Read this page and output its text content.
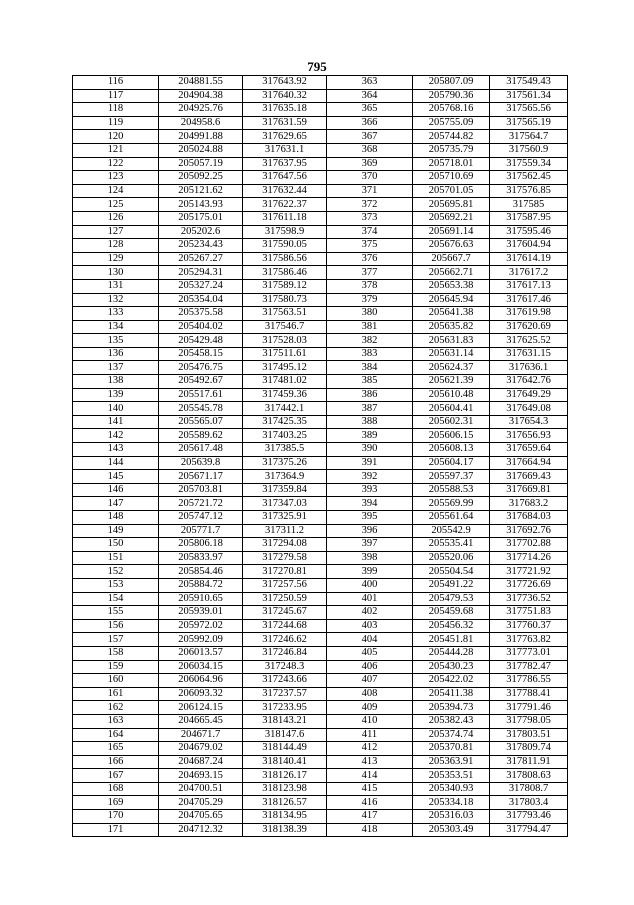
795
116	204881.55	317643.92	363	205807.09	317549.43
117	204904.38	317640.32	364	205790.36	317561.34
118	204925.76	317635.18	365	205768.16	317565.56
119	204958.6	317631.59	366	205755.09	317565.19
120	204991.88	317629.65	367	205744.82	317564.7
121	205024.88	317631.1	368	205735.79	317560.9
122	205057.19	317637.95	369	205718.01	317559.34
123	205092.25	317647.56	370	205710.69	317562.45
124	205121.62	317632.44	371	205701.05	317576.85
125	205143.93	317622.37	372	205695.81	317585
126	205175.01	317611.18	373	205692.21	317587.95
127	205202.6	317598.9	374	205691.14	317595.46
128	205234.43	317590.05	375	205676.63	317604.94
129	205267.27	317586.56	376	205667.7	317614.19
130	205294.31	317586.46	377	205662.71	317617.2
131	205327.24	317589.12	378	205653.38	317617.13
132	205354.04	317580.73	379	205645.94	317617.46
133	205375.58	317563.51	380	205641.38	317619.98
134	205404.02	317546.7	381	205635.82	317620.69
135	205429.48	317528.03	382	205631.83	317625.52
136	205458.15	317511.61	383	205631.14	317631.15
137	205476.75	317495.12	384	205624.37	317636.1
138	205492.67	317481.02	385	205621.39	317642.76
139	205517.61	317459.36	386	205610.48	317649.29
140	205545.78	317442.1	387	205604.41	317649.08
141	205565.07	317425.35	388	205602.31	317654.3
142	205589.62	317403.25	389	205606.15	317656.93
143	205617.48	317385.5	390	205608.13	317659.64
144	205639.8	317375.26	391	205604.17	317664.94
145	205671.17	317364.9	392	205597.37	317669.43
146	205703.81	317359.84	393	205588.53	317669.81
147	205721.72	317347.03	394	205569.99	317683.2
148	205747.12	317325.91	395	205561.64	317684.03
149	205771.7	317311.2	396	205542.9	317692.76
150	205806.18	317294.08	397	205535.41	317702.88
151	205833.97	317279.58	398	205520.06	317714.26
152	205854.46	317270.81	399	205504.54	317721.92
153	205884.72	317257.56	400	205491.22	317726.69
154	205910.65	317250.59	401	205479.53	317736.52
155	205939.01	317245.67	402	205459.68	317751.83
156	205972.02	317244.68	403	205456.32	317760.37
157	205992.09	317246.62	404	205451.81	317763.82
158	206013.57	317246.84	405	205444.28	317773.01
159	206034.15	317248.3	406	205430.23	317782.47
160	206064.96	317243.66	407	205422.02	317786.55
161	206093.32	317237.57	408	205411.38	317788.41
162	206124.15	317233.95	409	205394.73	317791.46
163	204665.45	318143.21	410	205382.43	317798.05
164	204671.7	318147.6	411	205374.74	317803.51
165	204679.02	318144.49	412	205370.81	317809.74
166	204687.24	318140.41	413	205363.91	317811.91
167	204693.15	318126.17	414	205353.51	317808.63
168	204700.51	318123.98	415	205340.93	317808.7
169	204705.29	318126.57	416	205334.18	317803.4
170	204705.65	318134.95	417	205316.03	317793.46
171	204712.32	318138.39	418	205303.49	317794.47
